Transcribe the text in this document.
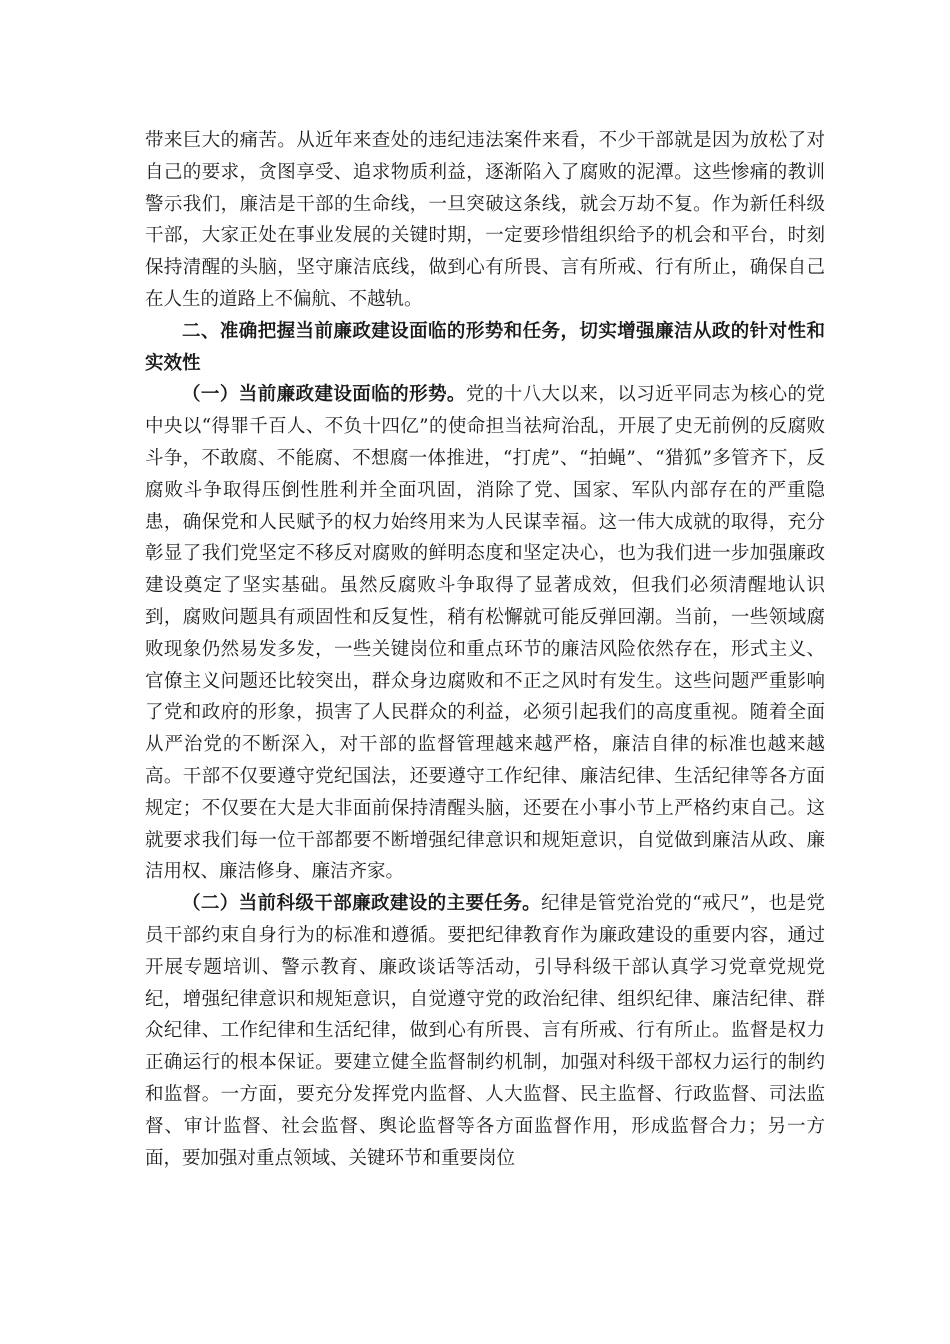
带来巨大的痛苦。从近年来查处的违纪违法案件来看，不少干部就是因为放松了对自己的要求，贪图享受、追求物质利益，逐渐陷入了腐败的泥潭。这些惨痛的教训警示我们，廉洁是干部的生命线，一旦突破这条线，就会万劫不复。作为新任科级干部，大家正处在事业发展的关键时期，一定要珍惜组织给予的机会和平台，时刻保持清醒的头脑，坚守廉洁底线，做到心有所畏、言有所戒、行有所止，确保自己在人生的道路上不偏航、不越轨。

二、准确把握当前廉政建设面临的形势和任务，切实增强廉洁从政的针对性和实效性

（一）当前廉政建设面临的形势。党的十八大以来，以习近平同志为核心的党中央以“得罪千百人、不负十四亿”的使命担当祛疴治乱，开展了史无前例的反腐败斗争，不敢腐、不能腐、不想腐一体推进，“打虎”、“拍蝇”、“猎狐”多管齐下，反腐败斗争取得压倒性胜利并全面巩固，消除了党、国家、军队内部存在的严重隐患，确保党和人民赋予的权力始终用来为人民谋幸福。这一伟大成就的取得，充分彰显了我们党坚定不移反对腐败的鲜明态度和坚定决心，也为我们进一步加强廉政建设奠定了坚实基础。虽然反腐败斗争取得了显著成效，但我们必须清醒地认识到，腐败问题具有顽固性和反复性，稍有松懈就可能反弹回潮。当前，一些领域腐败现象仍然易发多发，一些关键岗位和重点环节的廉洁风险依然存在，形式主义、官僚主义问题还比较突出，群众身边腐败和不正之风时有发生。这些问题严重影响了党和政府的形象，损害了人民群众的利益，必须引起我们的高度重视。随着全面从严治党的不断深入，对干部的监督管理越来越严格，廉洁自律的标准也越来越高。干部不仅要遵守党纪国法，还要遵守工作纪律、廉洁纪律、生活纪律等各方面规定；不仅要在大是大非面前保持清醒头脑，还要在小事小节上严格约束自己。这就要求我们每一位干部都要不断增强纪律意识和规矩意识，自觉做到廉洁从政、廉洁用权、廉洁修身、廉洁齐家。

（二）当前科级干部廉政建设的主要任务。纪律是管党治党的“戒尺”，也是党员干部约束自身行为的标准和遵循。要把纪律教育作为廉政建设的重要内容，通过开展专题培训、警示教育、廉政谈话等活动，引导科级干部认真学习党章党规党纪，增强纪律意识和规矩意识，自觉遵守党的政治纪律、组织纪律、廉洁纪律、群众纪律、工作纪律和生活纪律，做到心有所畏、言有所戒、行有所止。监督是权力正确运行的根本保证。要建立健全监督制约机制，加强对科级干部权力运行的制约和监督。一方面，要充分发挥党内监督、人大监督、民主监督、行政监督、司法监督、审计监督、社会监督、舆论监督等各方面监督作用，形成监督合力；另一方面，要加强对重点领域、关键环节和重要岗位
